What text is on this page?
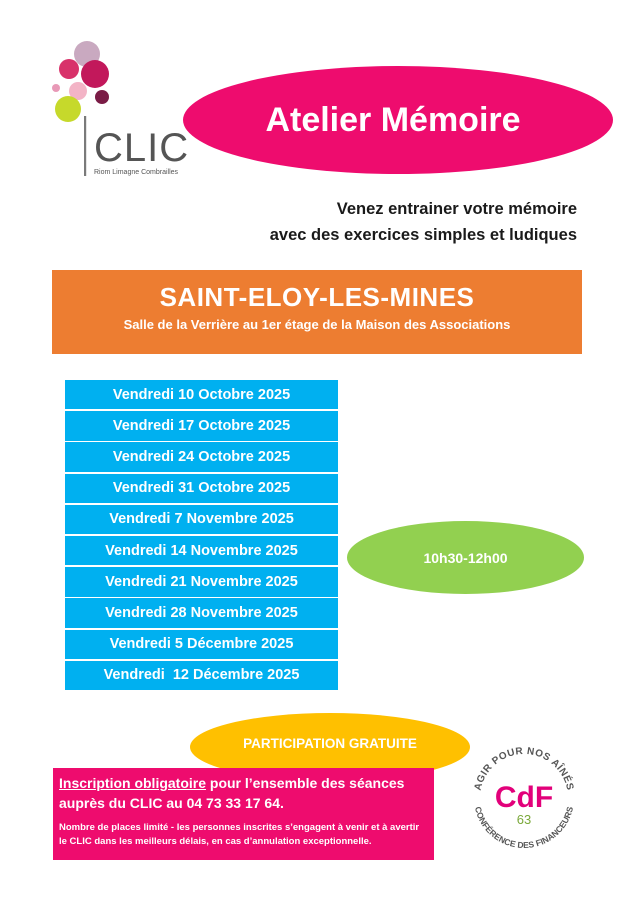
CLIC
Riom Limagne Combrailles
Atelier Mémoire
Venez entrainer votre mémoire
avec des exercices simples et ludiques
SAINT-ELOY-LES-MINES
Salle de la Verrière au 1er étage de la Maison des Associations
Vendredi 10 Octobre 2025
Vendredi 17 Octobre 2025
Vendredi 24 Octobre 2025
Vendredi 31 Octobre 2025
Vendredi 7 Novembre 2025
Vendredi 14 Novembre 2025
Vendredi 21 Novembre 2025
Vendredi 28 Novembre 2025
Vendredi 5 Décembre 2025
Vendredi  12 Décembre 2025
10h30-12h00
PARTICIPATION GRATUITE
Inscription obligatoire pour l’ensemble des séances
auprès du CLIC au 04 73 33 17 64.
Nombre de places limité - les personnes inscrites s’engagent à venir et à avertir le CLIC dans les meilleurs délais, en cas d’annulation exceptionnelle.
AGIR POUR NOS AÎNÉS
CONFÉRENCE DES FINANCEURS
CdF
63
